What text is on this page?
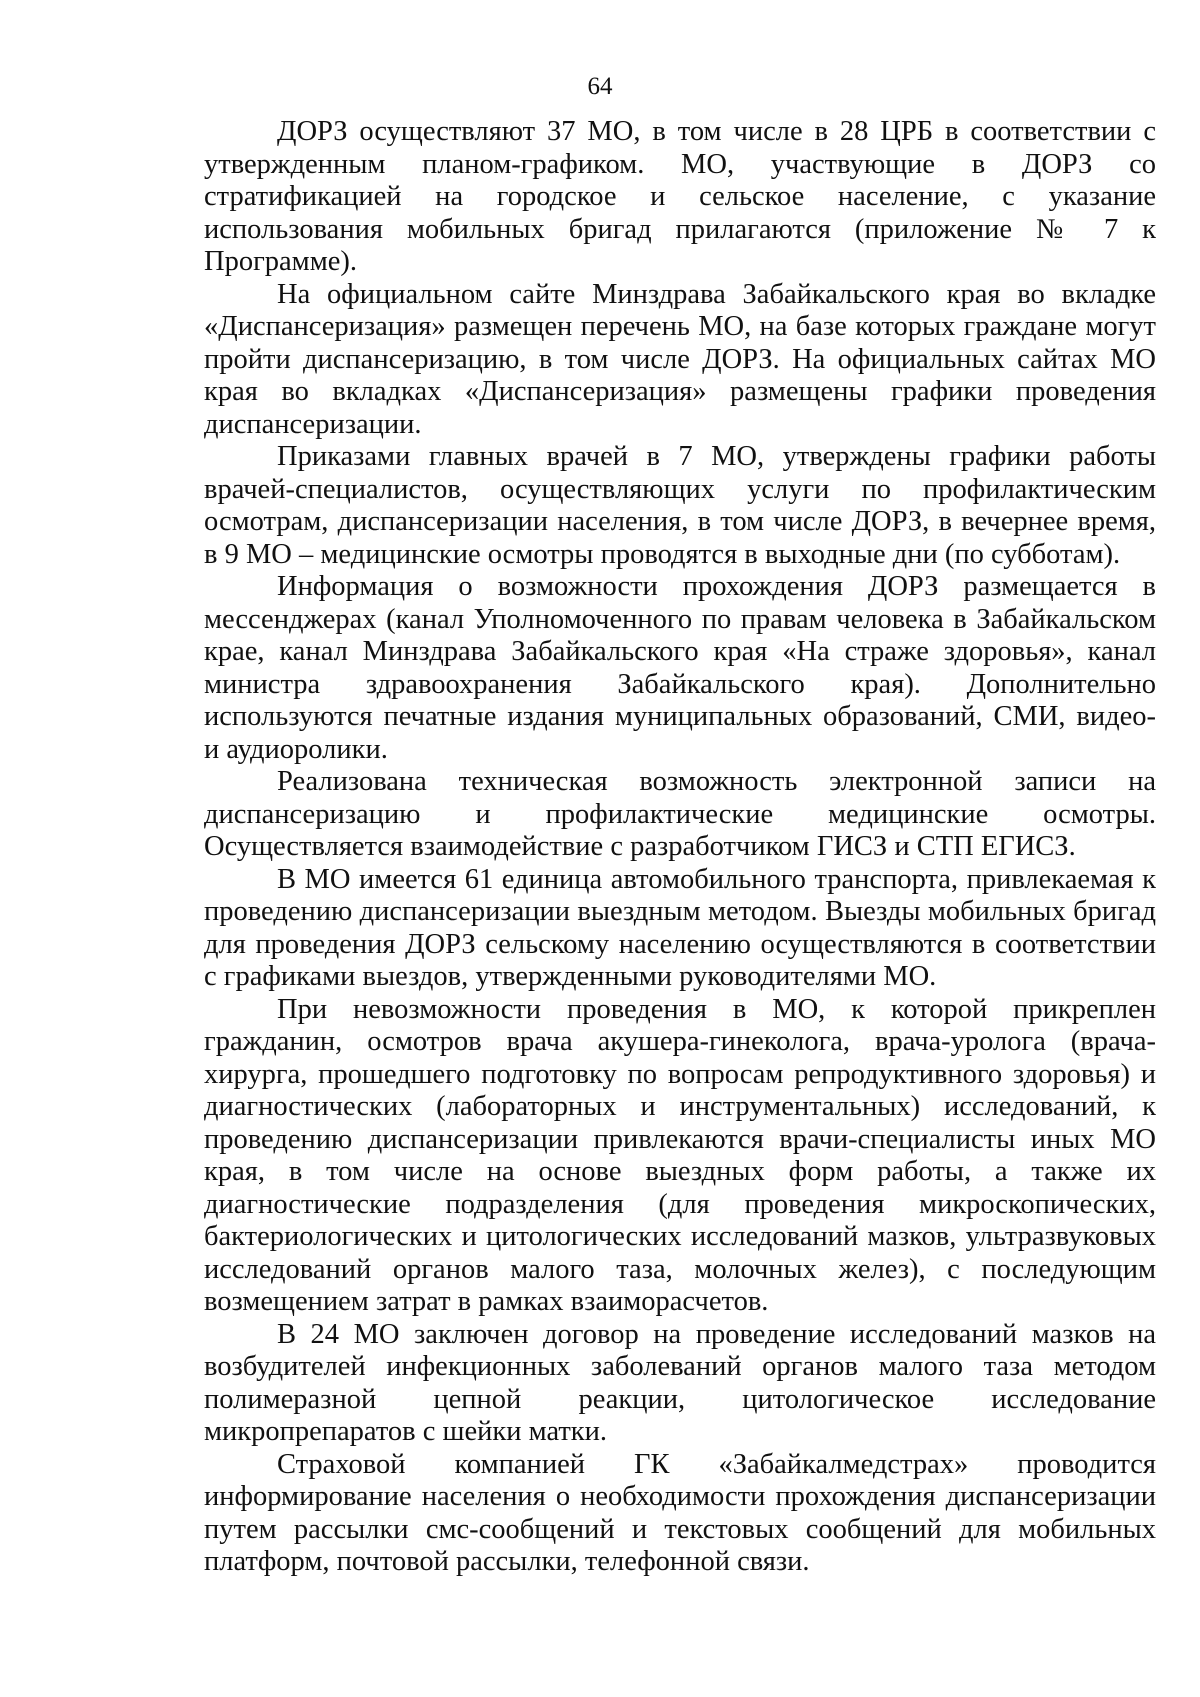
64

ДОРЗ осуществляют 37 МО, в том числе в 28 ЦРБ в соответствии с утвержденным планом-графиком. МО, участвующие в ДОРЗ со стратификацией на городское и сельское население, с указание использования мобильных бригад прилагаются (приложение № 7 к Программе).

На официальном сайте Минздрава Забайкальского края во вкладке «Диспансеризация» размещен перечень МО, на базе которых граждане могут пройти диспансеризацию, в том числе ДОРЗ. На официальных сайтах МО края во вкладках «Диспансеризация» размещены графики проведения диспансеризации.

Приказами главных врачей в 7 МО, утверждены графики работы врачей-специалистов, осуществляющих услуги по профилактическим осмотрам, диспансеризации населения, в том числе ДОРЗ, в вечернее время, в 9 МО – медицинские осмотры проводятся в выходные дни (по субботам).

Информация о возможности прохождения ДОРЗ размещается в мессенджерах (канал Уполномоченного по правам человека в Забайкальском крае, канал Минздрава Забайкальского края «На страже здоровья», канал министра здравоохранения Забайкальского края). Дополнительно используются печатные издания муниципальных образований, СМИ, видео- и аудиоролики.

Реализована техническая возможность электронной записи на диспансеризацию и профилактические медицинские осмотры. Осуществляется взаимодействие с разработчиком ГИСЗ и СТП ЕГИСЗ.

В МО имеется 61 единица автомобильного транспорта, привлекаемая к проведению диспансеризации выездным методом. Выезды мобильных бригад для проведения ДОРЗ сельскому населению осуществляются в соответствии с графиками выездов, утвержденными руководителями МО.

При невозможности проведения в МО, к которой прикреплен гражданин, осмотров врача акушера-гинеколога, врача-уролога (врача-хирурга, прошедшего подготовку по вопросам репродуктивного здоровья) и диагностических (лабораторных и инструментальных) исследований, к проведению диспансеризации привлекаются врачи-специалисты иных МО края, в том числе на основе выездных форм работы, а также их диагностические подразделения (для проведения микроскопических, бактериологических и цитологических исследований мазков, ультразвуковых исследований органов малого таза, молочных желез), с последующим возмещением затрат в рамках взаиморасчетов.

В 24 МО заключен договор на проведение исследований мазков на возбудителей инфекционных заболеваний органов малого таза методом полимеразной цепной реакции, цитологическое исследование микропрепаратов с шейки матки.

Страховой компанией ГК «Забайкалмедстрах» проводится информирование населения о необходимости прохождения диспансеризации путем рассылки смс-сообщений и текстовых сообщений для мобильных платформ, почтовой рассылки, телефонной связи.
